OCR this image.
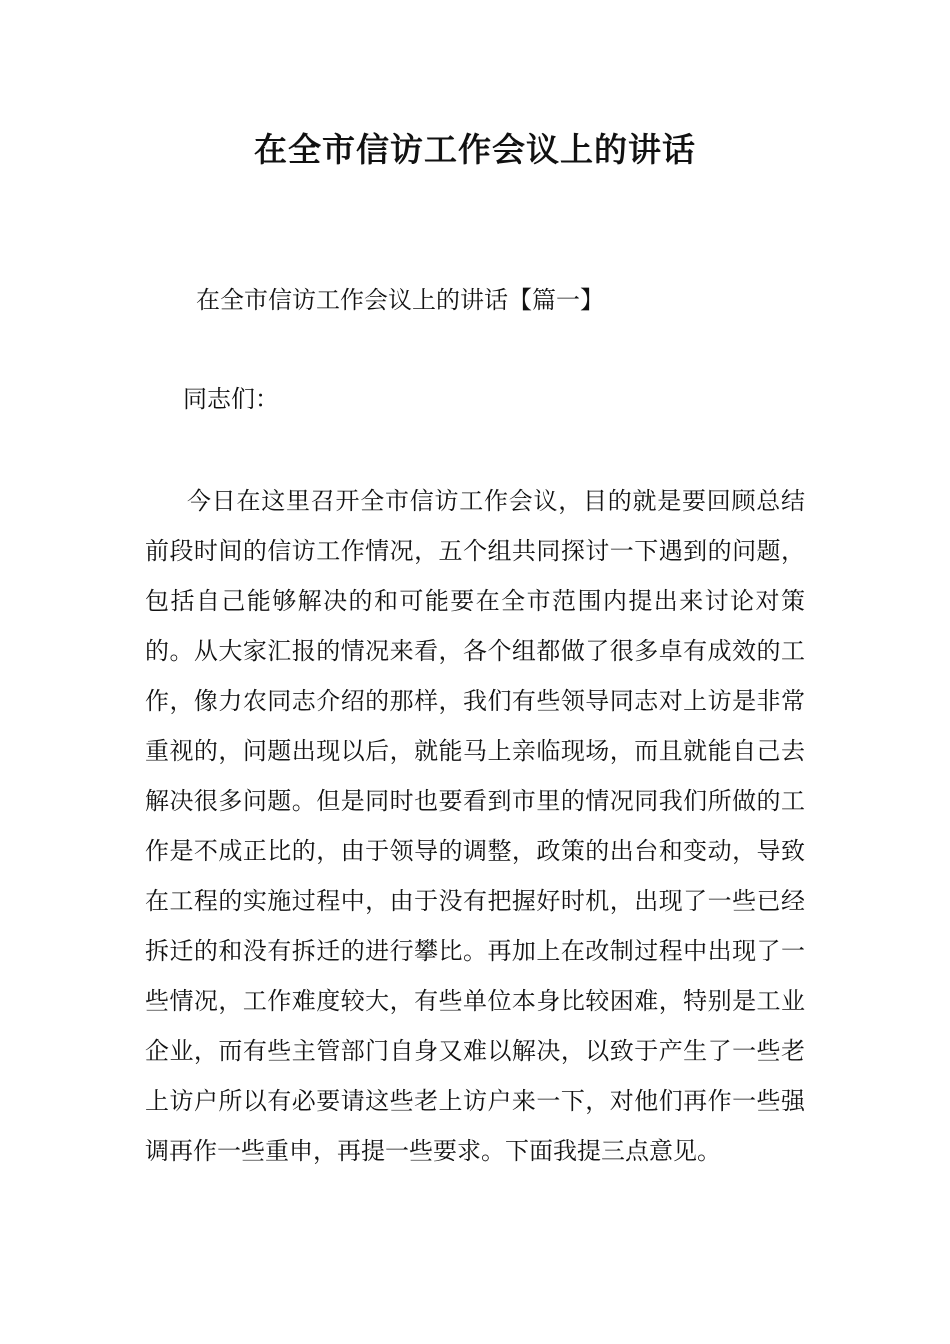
在全市信访工作会议上的讲话

在全市信访工作会议上的讲话【篇一】

同志们：

今日在这里召开全市信访工作会议，目的就是要回顾总结前段时间的信访工作情况，五个组共同探讨一下遇到的问题，包括自己能够解决的和可能要在全市范围内提出来讨论对策的。从大家汇报的情况来看，各个组都做了很多卓有成效的工作，像力农同志介绍的那样，我们有些领导同志对上访是非常重视的，问题出现以后，就能马上亲临现场，而且就能自己去解决很多问题。但是同时也要看到市里的情况同我们所做的工作是不成正比的，由于领导的调整，政策的出台和变动，导致在工程的实施过程中，由于没有把握好时机，出现了一些已经拆迁的和没有拆迁的进行攀比。再加上在改制过程中出现了一些情况，工作难度较大，有些单位本身比较困难，特别是工业企业，而有些主管部门自身又难以解决，以致于产生了一些老上访户所以有必要请这些老上访户来一下，对他们再作一些强调再作一些重申，再提一些要求。下面我提三点意见。
